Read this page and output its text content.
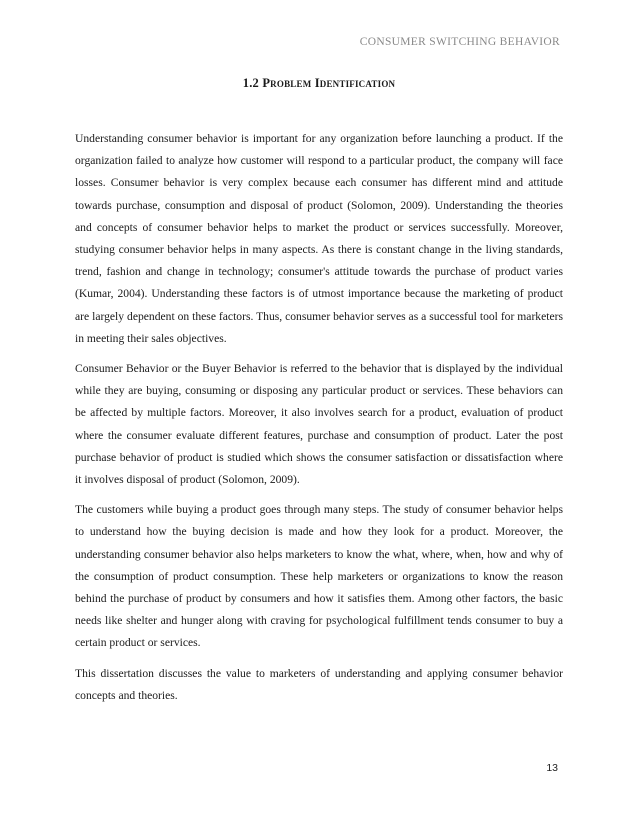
CONSUMER SWITCHING BEHAVIOR
1.2 Problem Identification

Understanding consumer behavior is important for any organization before launching a product. If the organization failed to analyze how customer will respond to a particular product, the company will face losses. Consumer behavior is very complex because each consumer has different mind and attitude towards purchase, consumption and disposal of product (Solomon, 2009). Understanding the theories and concepts of consumer behavior helps to market the product or services successfully. Moreover, studying consumer behavior helps in many aspects. As there is constant change in the living standards, trend, fashion and change in technology; consumer's attitude towards the purchase of product varies (Kumar, 2004). Understanding these factors is of utmost importance because the marketing of product are largely dependent on these factors. Thus, consumer behavior serves as a successful tool for marketers in meeting their sales objectives.

Consumer Behavior or the Buyer Behavior is referred to the behavior that is displayed by the individual while they are buying, consuming or disposing any particular product or services. These behaviors can be affected by multiple factors. Moreover, it also involves search for a product, evaluation of product where the consumer evaluate different features, purchase and consumption of product. Later the post purchase behavior of product is studied which shows the consumer satisfaction or dissatisfaction where it involves disposal of product (Solomon, 2009).

The customers while buying a product goes through many steps. The study of consumer behavior helps to understand how the buying decision is made and how they look for a product. Moreover, the understanding consumer behavior also helps marketers to know the what, where, when, how and why of the consumption of product consumption. These help marketers or organizations to know the reason behind the purchase of product by consumers and how it satisfies them. Among other factors, the basic needs like shelter and hunger along with craving for psychological fulfillment tends consumer to buy a certain product or services.

This dissertation discusses the value to marketers of understanding and applying consumer behavior concepts and theories.

13
